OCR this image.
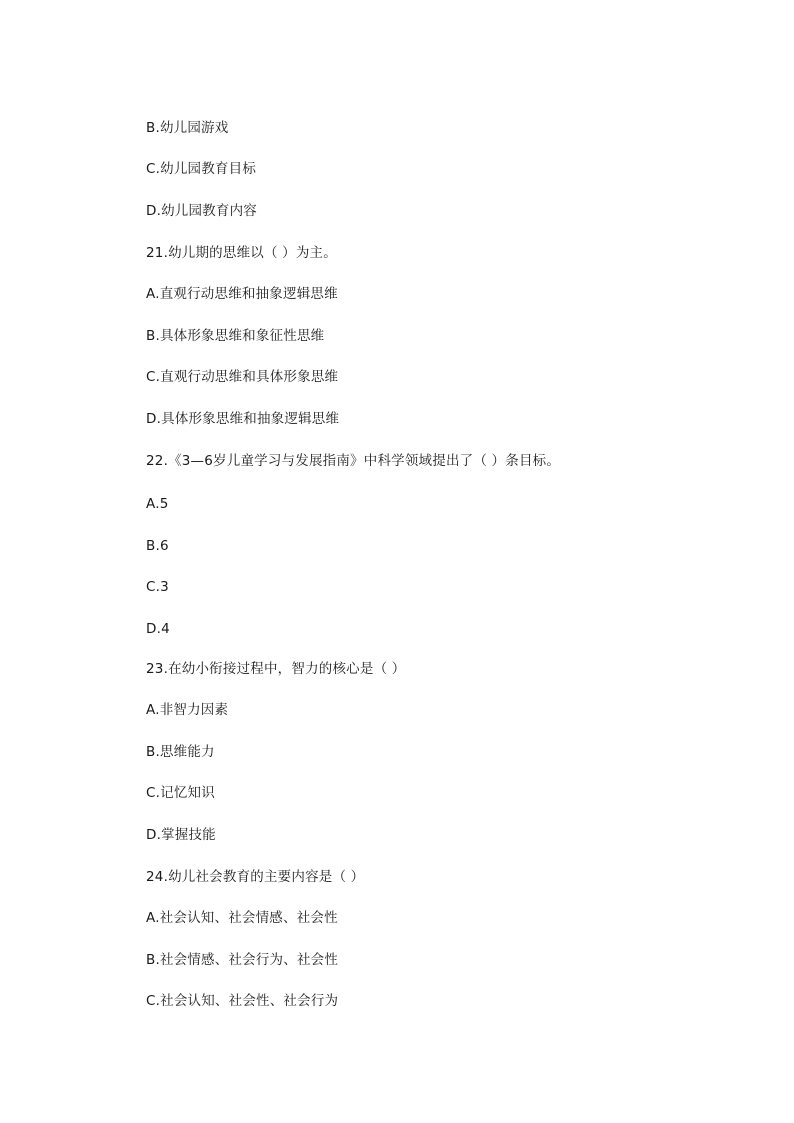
B.幼儿园游戏
C.幼儿园教育目标
D.幼儿园教育内容
21.幼儿期的思维以（ ）为主。
A.直观行动思维和抽象逻辑思维
B.具体形象思维和象征性思维
C.直观行动思维和具体形象思维
D.具体形象思维和抽象逻辑思维
22.《3—6岁儿童学习与发展指南》中科学领域提出了（ ）条目标。
A.5
B.6
C.3
D.4
23.在幼小衔接过程中，智力的核心是（ ）
A.非智力因素
B.思维能力
C.记忆知识
D.掌握技能
24.幼儿社会教育的主要内容是（ ）
A.社会认知、社会情感、社会性
B.社会情感、社会行为、社会性
C.社会认知、社会性、社会行为
